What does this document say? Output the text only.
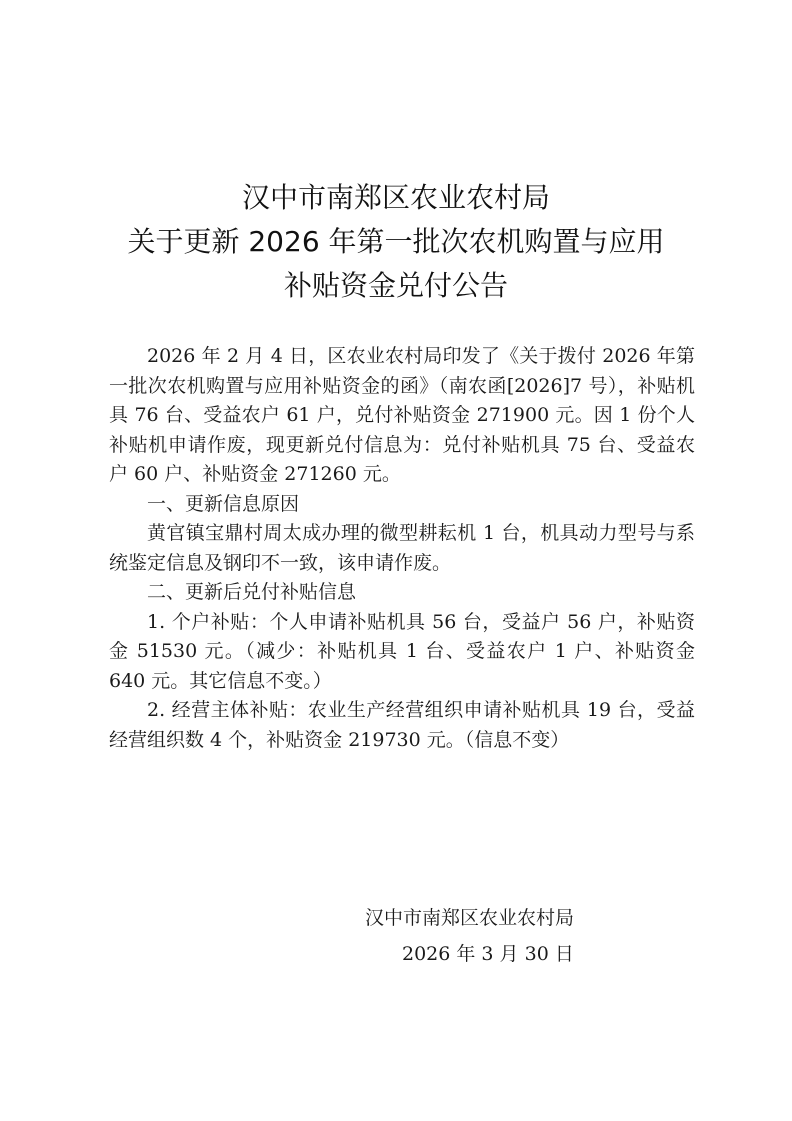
汉中市南郑区农业农村局
关于更新 2026 年第一批次农机购置与应用
补贴资金兑付公告

2026 年 2 月 4 日，区农业农村局印发了《关于拨付 2026 年第一批次农机购置与应用补贴资金的函》（南农函[2026]7 号），补贴机具 76 台、受益农户 61 户，兑付补贴资金 271900 元。因 1 份个人补贴机申请作废，现更新兑付信息为：兑付补贴机具 75 台、受益农户 60 户、补贴资金 271260 元。

一、更新信息原因

黄官镇宝鼎村周太成办理的微型耕耘机 1 台，机具动力型号与系统鉴定信息及钢印不一致，该申请作废。

二、更新后兑付补贴信息

1. 个户补贴：个人申请补贴机具 56 台，受益户 56 户，补贴资金 51530 元。（减少：补贴机具 1 台、受益农户 1 户、补贴资金 640 元。其它信息不变。）

2. 经营主体补贴：农业生产经营组织申请补贴机具 19 台，受益经营组织数 4 个，补贴资金 219730 元。（信息不变）

汉中市南郑区农业农村局
2026 年 3 月 30 日
